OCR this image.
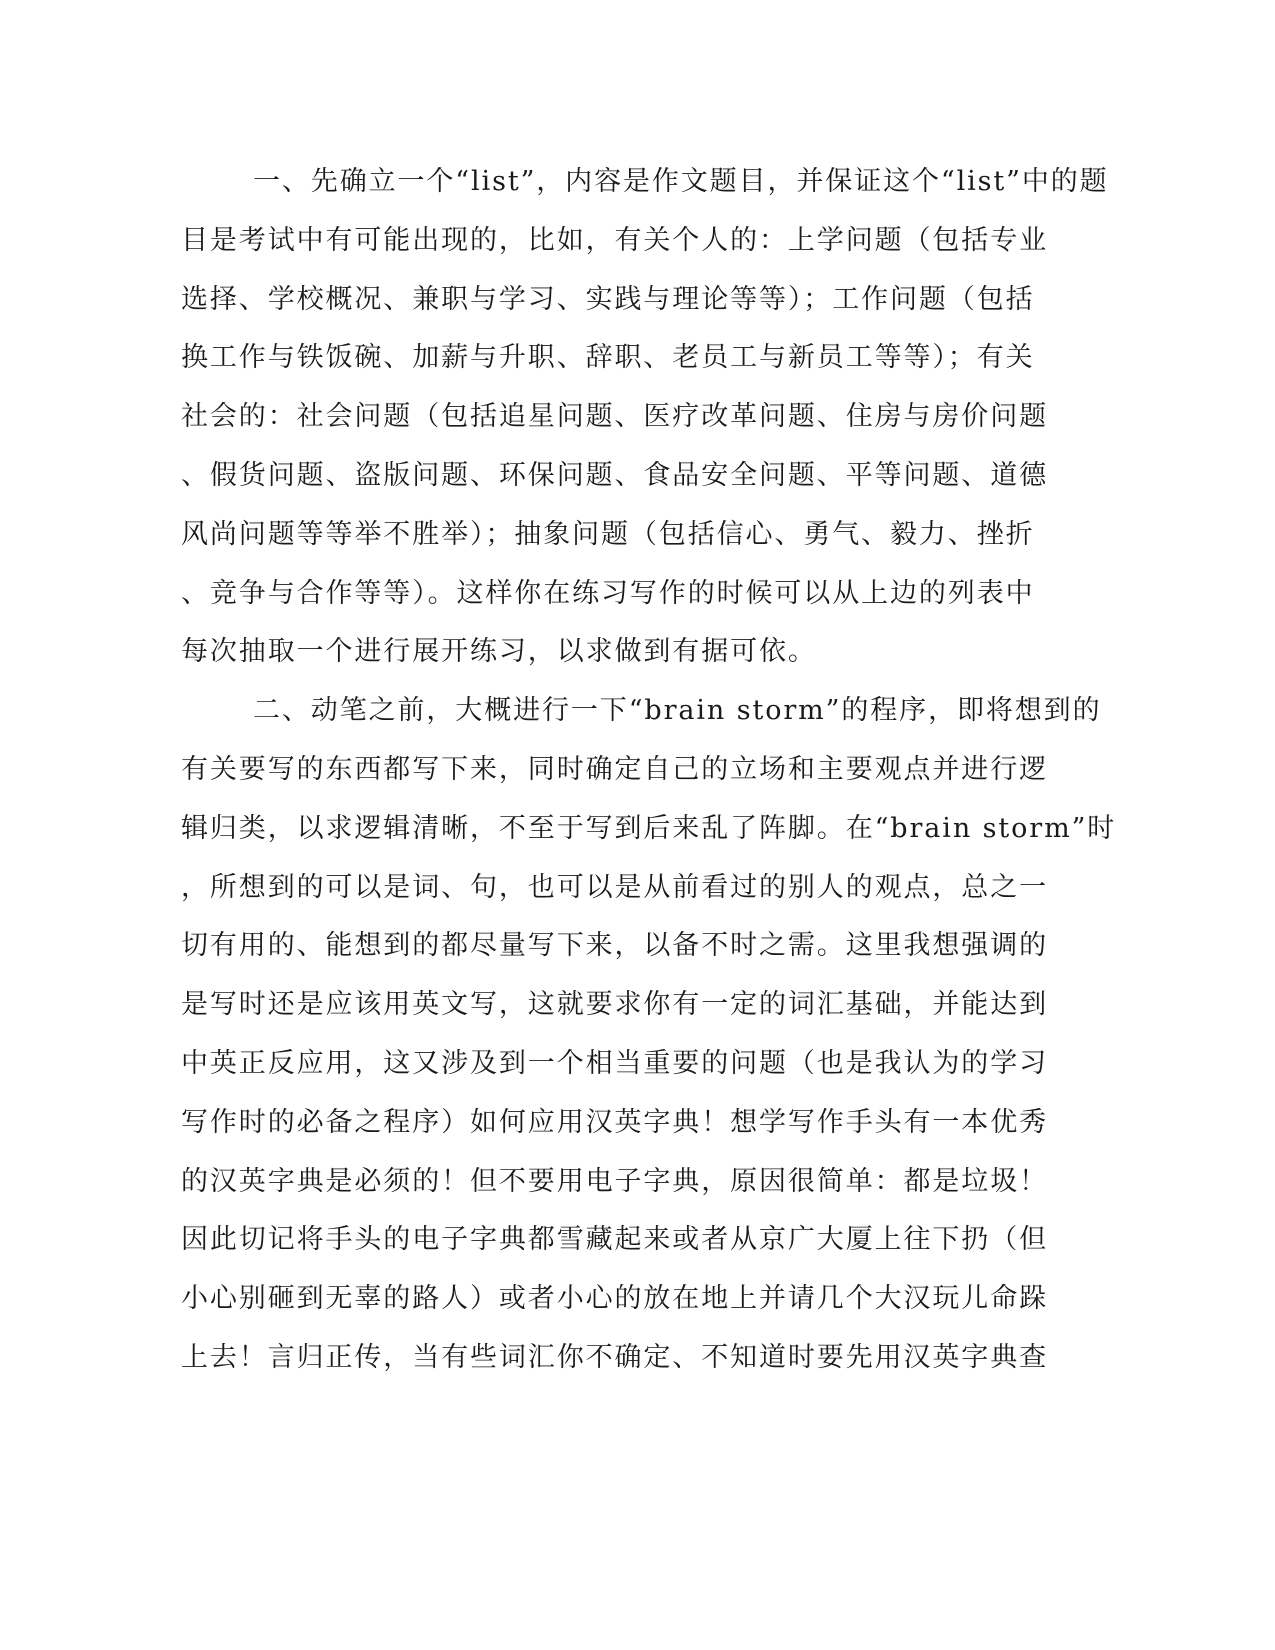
一、先确立一个“list”，内容是作文题目，并保证这个“list”中的题
目是考试中有可能出现的，比如，有关个人的：上学问题（包括专业
选择、学校概况、兼职与学习、实践与理论等等）；工作问题（包括
换工作与铁饭碗、加薪与升职、辞职、老员工与新员工等等）；有关
社会的：社会问题（包括追星问题、医疗改革问题、住房与房价问题
、假货问题、盗版问题、环保问题、食品安全问题、平等问题、道德
风尚问题等等举不胜举）；抽象问题（包括信心、勇气、毅力、挫折
、竞争与合作等等）。这样你在练习写作的时候可以从上边的列表中
每次抽取一个进行展开练习，以求做到有据可依。
二、动笔之前，大概进行一下“brain storm”的程序，即将想到的
有关要写的东西都写下来，同时确定自己的立场和主要观点并进行逻
辑归类，以求逻辑清晰，不至于写到后来乱了阵脚。在“brain storm”时
，所想到的可以是词、句，也可以是从前看过的别人的观点，总之一
切有用的、能想到的都尽量写下来，以备不时之需。这里我想强调的
是写时还是应该用英文写，这就要求你有一定的词汇基础，并能达到
中英正反应用，这又涉及到一个相当重要的问题（也是我认为的学习
写作时的必备之程序）如何应用汉英字典！想学写作手头有一本优秀
的汉英字典是必须的！但不要用电子字典，原因很简单：都是垃圾！
因此切记将手头的电子字典都雪藏起来或者从京广大厦上往下扔（但
小心别砸到无辜的路人）或者小心的放在地上并请几个大汉玩儿命跺
上去！言归正传，当有些词汇你不确定、不知道时要先用汉英字典查
